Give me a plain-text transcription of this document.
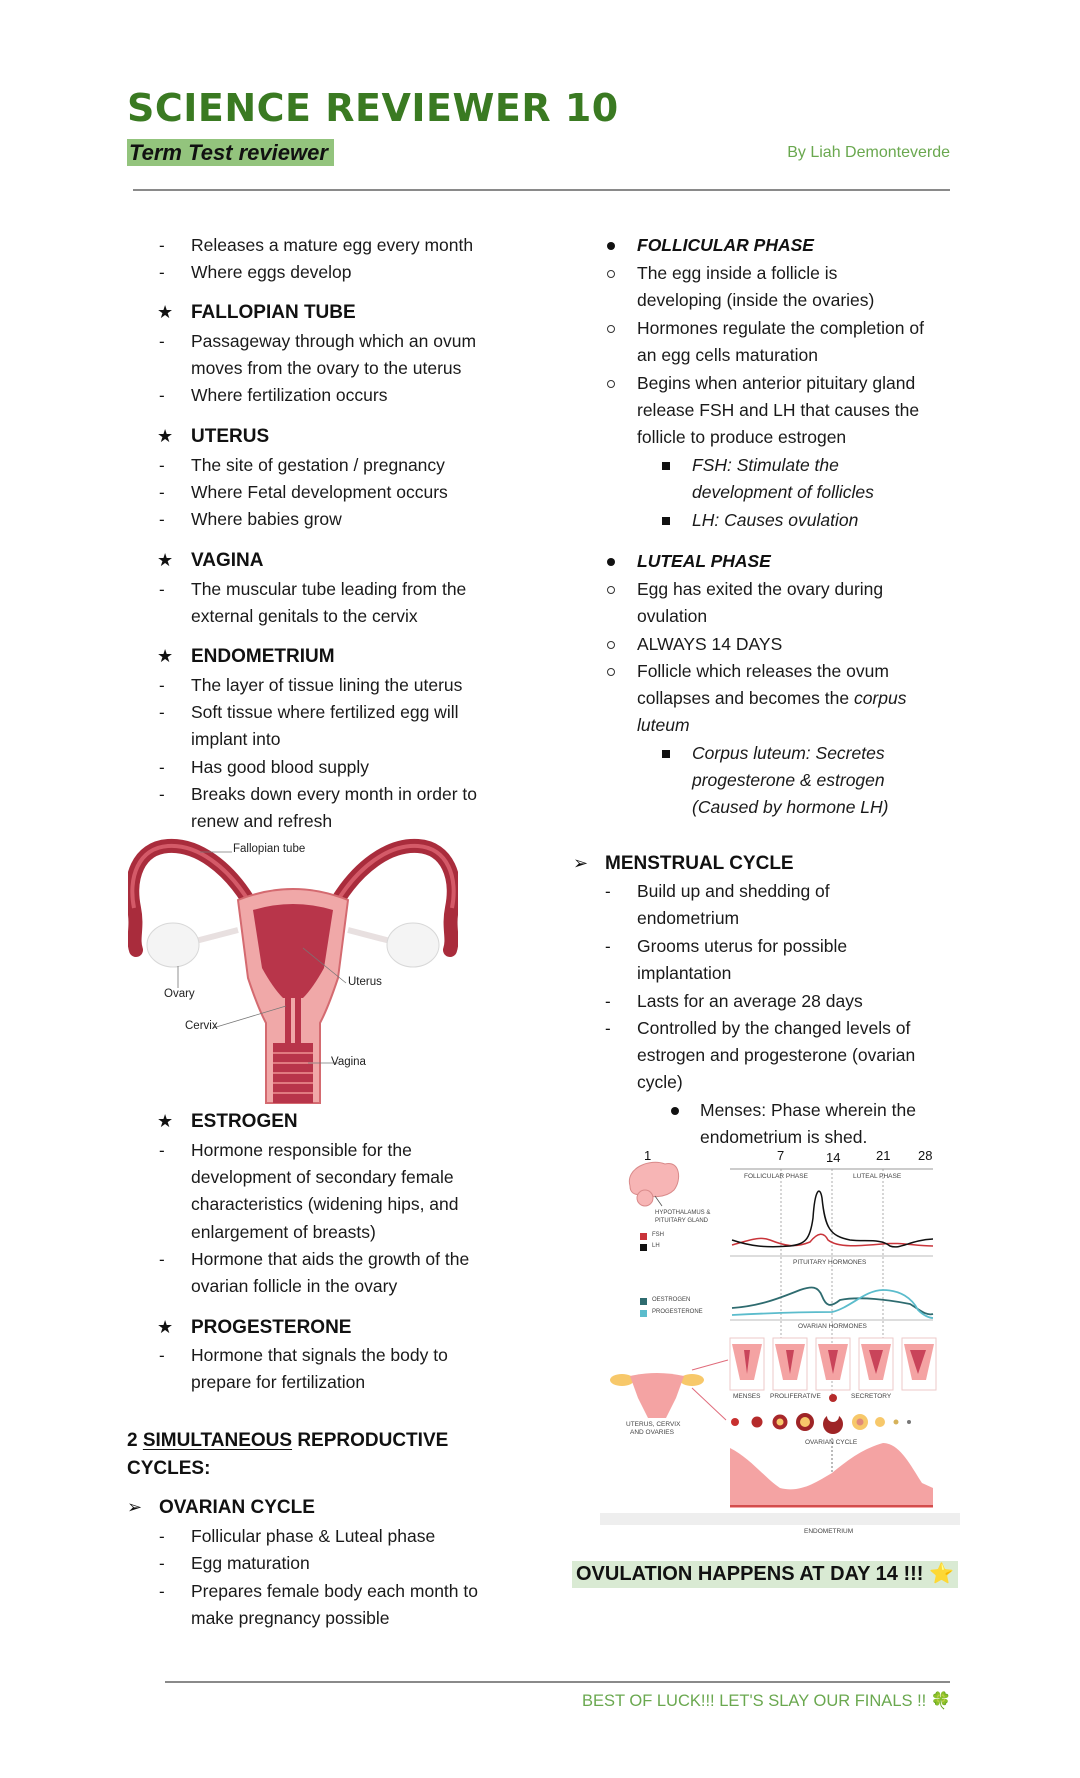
SCIENCE REVIEWER 10
Term Test reviewer	By Liah Demonteverde
- Releases a mature egg every month
- Where eggs develop
★ FALLOPIAN TUBE
- Passageway through which an ovum
moves from the ovary to the uterus
- Where fertilization occurs
★ UTERUS
- The site of gestation / pregnancy
- Where Fetal development occurs
- Where babies grow
★ VAGINA
- The muscular tube leading from the
external genitals to the cervix
★ ENDOMETRIUM
- The layer of tissue lining the uterus
- Soft tissue where fertilized egg will
implant into
- Has good blood supply
- Breaks down every month in order to
renew and refresh
Fallopian tube
Ovary
Uterus
Cervix
Vagina
★ ESTROGEN
- Hormone responsible for the
development of secondary female
characteristics (widening hips, and
enlargement of breasts)
- Hormone that aids the growth of the
ovarian follicle in the ovary
★ PROGESTERONE
- Hormone that signals the body to
prepare for fertilization
2 SIMULTANEOUS REPRODUCTIVE
CYCLES:
➢ OVARIAN CYCLE
- Follicular phase & Luteal phase
- Egg maturation
- Prepares female body each month to
make pregnancy possible
FOLLICULAR PHASE
The egg inside a follicle is
developing (inside the ovaries)
Hormones regulate the completion of
an egg cells maturation
Begins when anterior pituitary gland
release FSH and LH that causes the
follicle to produce estrogen
FSH: Stimulate the
development of follicles
LH: Causes ovulation
LUTEAL PHASE
Egg has exited the ovary during
ovulation
ALWAYS 14 DAYS
Follicle which releases the ovum
collapses and becomes the corpus
luteum
Corpus luteum: Secretes
progesterone & estrogen
(Caused by hormone LH)
➢ MENSTRUAL CYCLE
- Build up and shedding of
endometrium
- Grooms uterus for possible
implantation
- Lasts for an average 28 days
- Controlled by the changed levels of
estrogen and progesterone (ovarian
cycle)
Menses: Phase wherein the
endometrium is shed.
1	7	14	21 28
FOLLICULAR PHASE	LUTEAL PHASE
HYPOTHALAMUS &
PITUITARY GLAND
FSH
LH
PITUITARY HORMONES
OESTROGEN
PROGESTERONE
OVARIAN HORMONES
MENSES PROLIFERATIVE	SECRETORY
UTERUS, CERVIX
AND OVARIES
OVARIAN CYCLE
ENDOMETRIUM
OVULATION HAPPENS AT DAY 14 !!! ⭐
BEST OF LUCK!!! LET'S SLAY OUR FINALS !! 🍀
